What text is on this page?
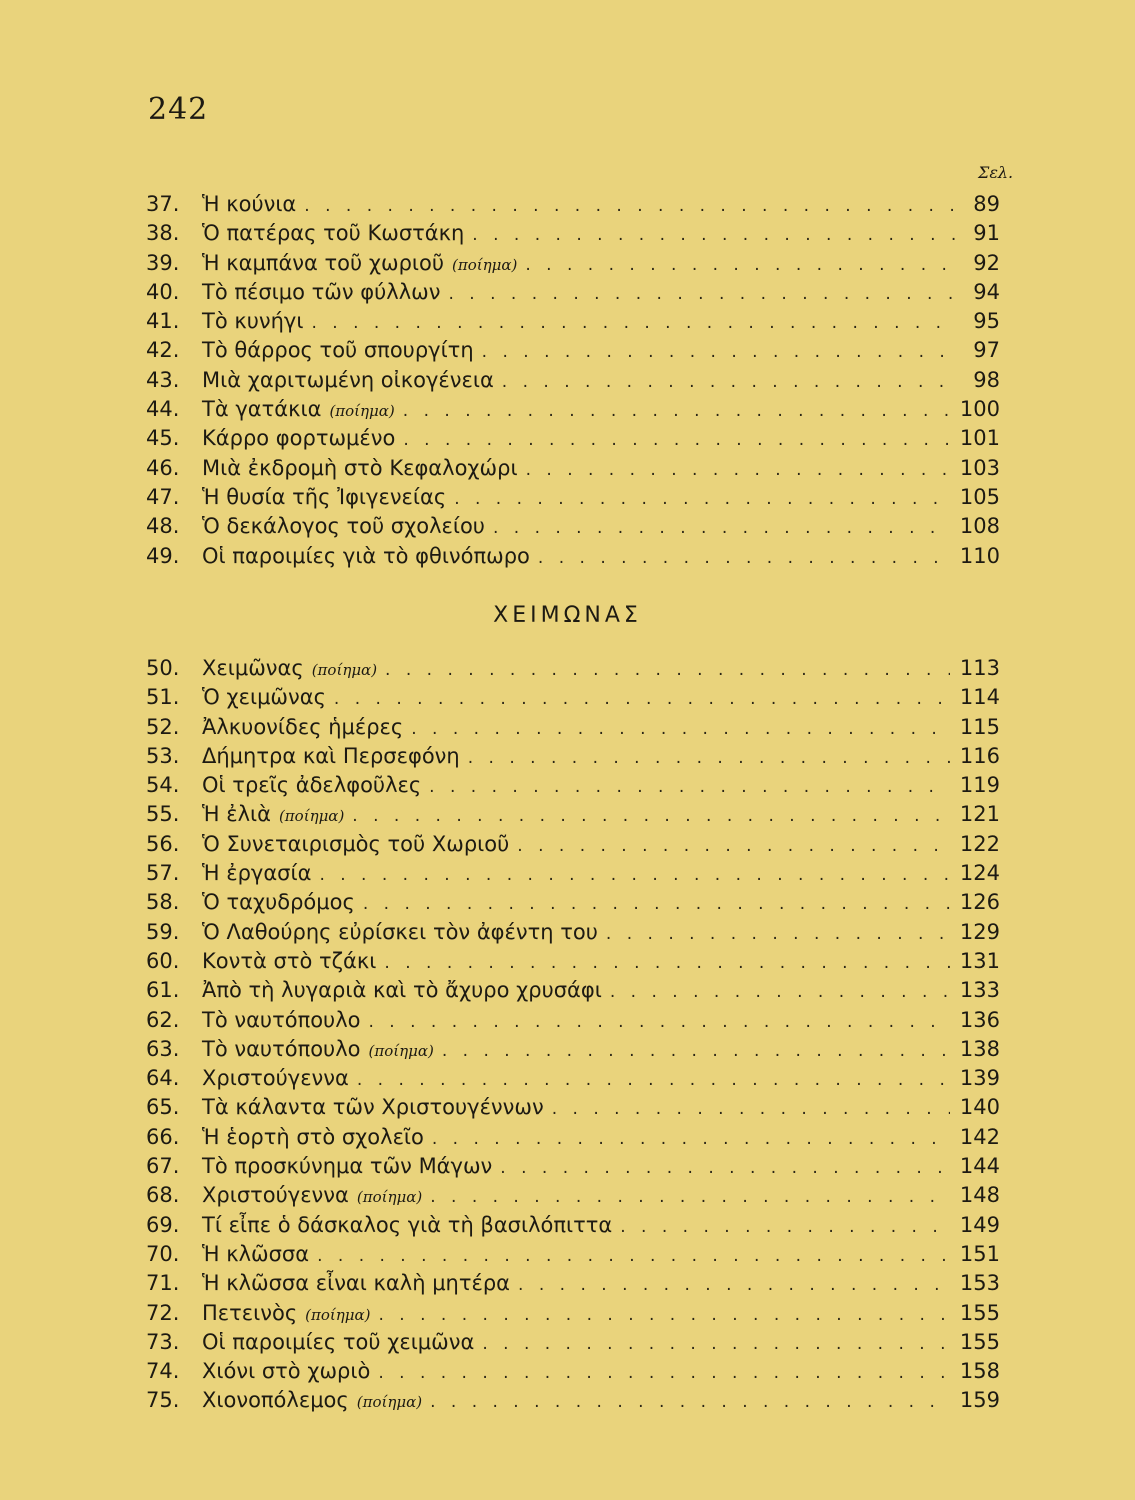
242
Σελ.
37.	Ἡ κούνια . . .	89
38.	Ὁ πατέρας τοῦ Κωστάκη . . .	91
39.	Ἡ καμπάνα τοῦ χωριοῦ (ποίημα) . . .	92
40.	Τὸ πέσιμο τῶν φύλλων . . .	94
41.	Τὸ κυνήγι . . .	95
42.	Τὸ θάρρος τοῦ σπουργίτη . . .	97
43.	Μιὰ χαριτωμένη οἰκογένεια . . .	98
44.	Τὰ γατάκια (ποίημα) . . .	100
45.	Κάρρο φορτωμένο . . .	101
46.	Μιὰ ἐκδρομὴ στὸ Κεφαλοχώρι . . .	103
47.	Ἡ θυσία τῆς Ἰφιγενείας . . .	105
48.	Ὁ δεκάλογος τοῦ σχολείου . . .	108
49.	Οἱ παροιμίες γιὰ τὸ φθινόπωρο . . .	110
ΧΕΙΜΩΝΑΣ
50.	Χειμῶνας (ποίημα) . . .	113
51.	Ὁ χειμῶνας . . .	114
52.	Ἀλκυονίδες ἡμέρες . . .	115
53.	Δήμητρα καὶ Περσεφόνη . . .	116
54.	Οἱ τρεῖς ἀδελφοῦλες . . .	119
55.	Ἡ ἐλιὰ (ποίημα) . . .	121
56.	Ὁ Συνεταιρισμὸς τοῦ Χωριοῦ . . .	122
57.	Ἡ ἐργασία . . .	124
58.	Ὁ ταχυδρόμος . . .	126
59.	Ὁ Λαθούρης εὐρίσκει τὸν ἀφέντη του . . .	129
60.	Κοντὰ στὸ τζάκι . . .	131
61.	Ἀπὸ τὴ λυγαριὰ καὶ τὸ ἄχυρο χρυσάφι . . .	133
62.	Τὸ ναυτόπουλο . . .	136
63.	Τὸ ναυτόπουλο (ποίημα) . . .	138
64.	Χριστούγεννα . . .	139
65.	Τὰ κάλαντα τῶν Χριστουγέννων . . .	140
66.	Ἡ ἑορτὴ στὸ σχολεῖο . . .	142
67.	Τὸ προσκύνημα τῶν Μάγων . . .	144
68.	Χριστούγεννα (ποίημα) . . .	148
69.	Τί εἶπε ὁ δάσκαλος γιὰ τὴ βασιλόπιττα . . .	149
70.	Ἡ κλῶσσα . . .	151
71.	Ἡ κλῶσσα εἶναι καλὴ μητέρα . . .	153
72.	Πετεινὸς (ποίημα) . . .	155
73.	Οἱ παροιμίες τοῦ χειμῶνα . . .	155
74.	Χιόνι στὸ χωριὸ . . .	158
75.	Χιονοπόλεμος (ποίημα) . . .	159
